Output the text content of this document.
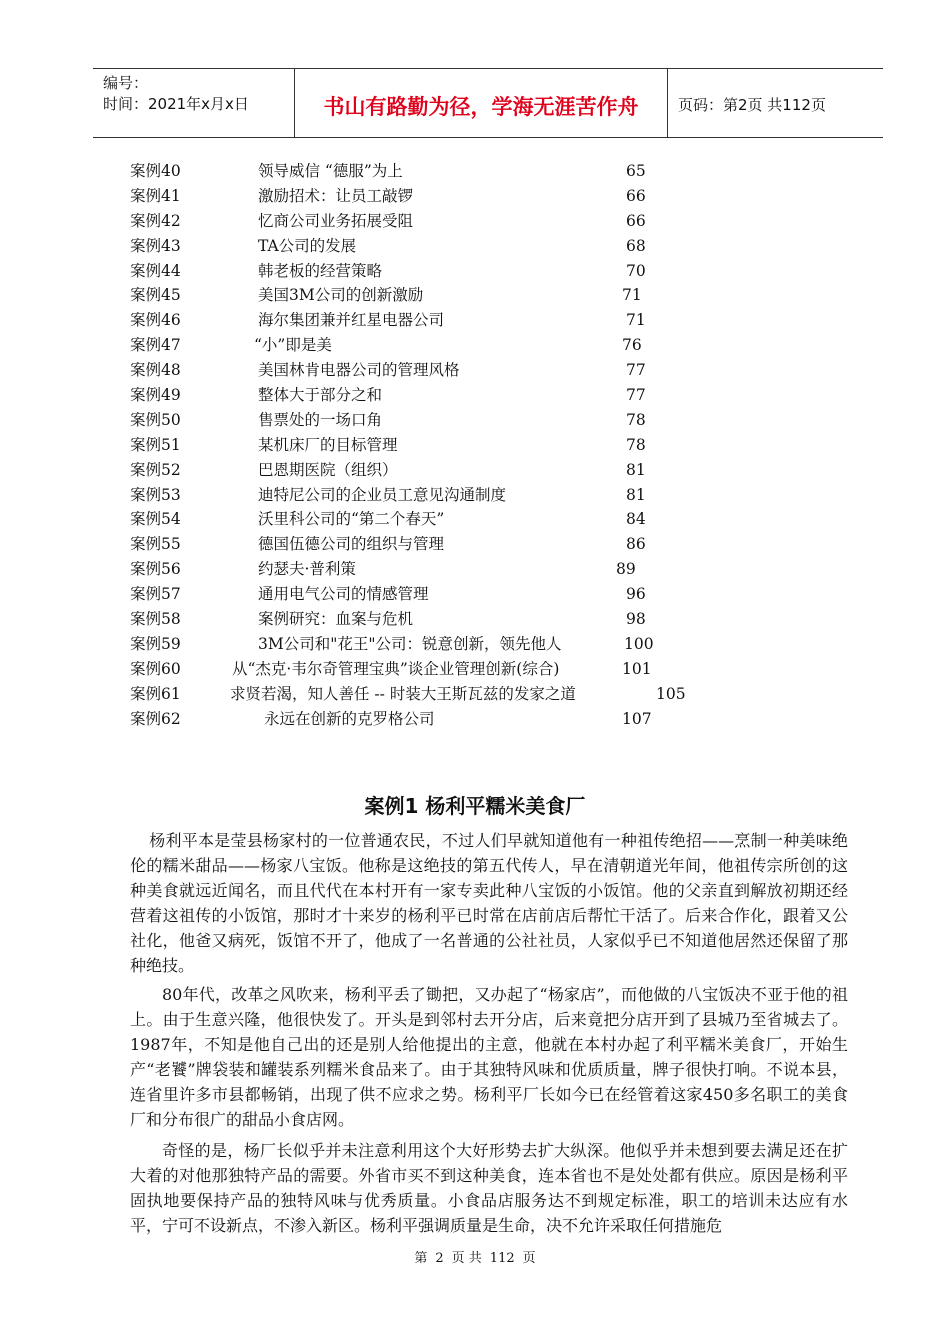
编号：
时间：2021年x月x日	书山有路勤为径，学海无涯苦作舟	页码：第2页 共112页
案例40	领导威信 “德服”为上	65
案例41	激励招术：让员工敲锣	66
案例42	忆商公司业务拓展受阻	66
案例43	TA公司的发展	68
案例44	韩老板的经营策略	70
案例45	美国3M公司的创新激励	71
案例46	海尔集团兼并红星电器公司	71
案例47	“小”即是美	76
案例48	美国林肯电器公司的管理风格	77
案例49	整体大于部分之和	77
案例50	售票处的一场口角	78
案例51	某机床厂的目标管理	78
案例52	巴恩期医院（组织）	81
案例53	迪特尼公司的企业员工意见沟通制度	81
案例54	沃里科公司的“第二个春天”	84
案例55	德国伍德公司的组织与管理	86
案例56	约瑟夫·普利策	89
案例57	通用电气公司的情感管理	96
案例58	案例研究：血案与危机	98
案例59	3M公司和"花王"公司：锐意创新，领先他人	100
案例60	从“杰克·韦尔奇管理宝典”谈企业管理创新(综合)	101
案例61	求贤若渴，知人善任 -- 时装大王斯瓦兹的发家之道	105
案例62	永远在创新的克罗格公司	107
案例1 杨利平糯米美食厂

杨利平本是莹县杨家村的一位普通农民，不过人们早就知道他有一种祖传绝招——烹制一种美味绝伦的糯米甜品——杨家八宝饭。他称是这绝技的第五代传人，早在清朝道光年间，他祖传宗所创的这种美食就远近闻名，而且代代在本村开有一家专卖此种八宝饭的小饭馆。他的父亲直到解放初期还经营着这祖传的小饭馆，那时才十来岁的杨利平已时常在店前店后帮忙干活了。后来合作化，跟着又公社化，他爸又病死，饭馆不开了，他成了一名普通的公社社员，人家似乎已不知道他居然还保留了那种绝技。

80年代，改革之风吹来，杨利平丢了锄把，又办起了“杨家店”，而他做的八宝饭决不亚于他的祖上。由于生意兴隆，他很快发了。开头是到邻村去开分店，后来竟把分店开到了县城乃至省城去了。1987年，不知是他自己出的还是别人给他提出的主意，他就在本村办起了利平糯米美食厂，开始生产“老饕”牌袋装和罐装系列糯米食品来了。由于其独特风味和优质质量，牌子很快打响。不说本县，连省里许多市县都畅销，出现了供不应求之势。杨利平厂长如今已在经管着这家450多名职工的美食厂和分布很广的甜品小食店网。

奇怪的是，杨厂长似乎并未注意利用这个大好形势去扩大纵深。他似乎并未想到要去满足还在扩大着的对他那独特产品的需要。外省市买不到这种美食，连本省也不是处处都有供应。原因是杨利平固执地要保持产品的独特风味与优秀质量。小食品店服务达不到规定标准，职工的培训未达应有水平，宁可不设新点，不渗入新区。杨利平强调质量是生命，决不允许采取任何措施危

第 2 页 共 112 页
